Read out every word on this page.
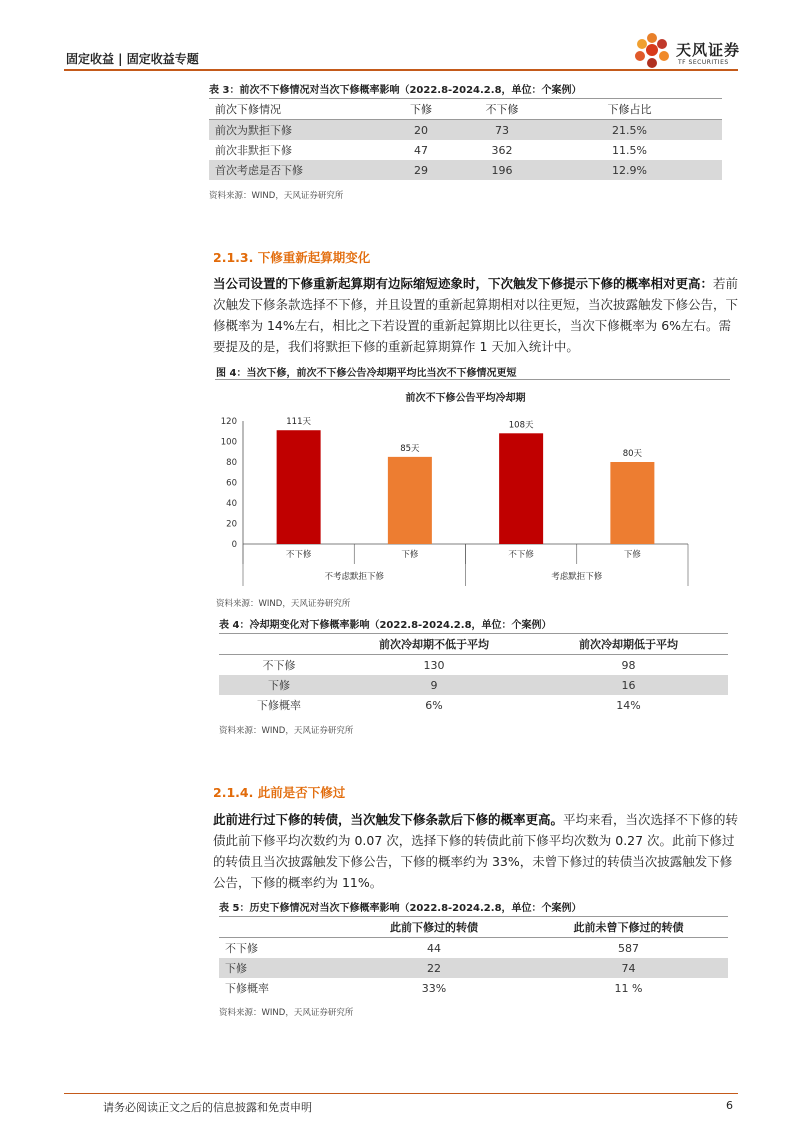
固定收益 | 固定收益专题	天风证券
TF SECURITIES
表 3：前次不下修情况对当次下修概率影响（2022.8-2024.2.8，单位：个案例）
前次下修情况	下修	不下修	下修占比
前次为默拒下修	20	73	21.5%
前次非默拒下修	47	362	11.5%
首次考虑是否下修	29	196	12.9%
资料来源：WIND，天风证券研究所
2.1.3. 下修重新起算期变化
当公司设置的下修重新起算期有边际缩短迹象时，下次触发下修提示下修的概率相对更高：若前次触发下修条款选择不下修，并且设置的重新起算期相对以往更短，当次披露触发下修公告，下修概率为 14%左右，相比之下若设置的重新起算期比以往更长，当次下修概率为 6%左右。需要提及的是，我们将默拒下修的重新起算期算作 1 天加入统计中。
图 4：当次下修，前次不下修公告冷却期平均比当次不下修情况更短
前次不下修公告平均冷却期
0
20
40
60
80
100
120	111天
不下修
85天
下修
108天
不下修
80天
下修
不考虑默拒下修	考虑默拒下修
资料来源：WIND，天风证券研究所
表 4：冷却期变化对下修概率影响（2022.8-2024.2.8，单位：个案例）
	前次冷却期不低于平均	前次冷却期低于平均
不下修	130	98
下修	9	16
下修概率	6%	14%
资料来源：WIND，天风证券研究所
2.1.4. 此前是否下修过
此前进行过下修的转债，当次触发下修条款后下修的概率更高。平均来看，当次选择不下修的转债此前下修平均次数约为 0.07 次，选择下修的转债此前下修平均次数为 0.27 次。此前下修过的转债且当次披露触发下修公告，下修的概率约为 33%，未曾下修过的转债当次披露触发下修公告，下修的概率约为 11%。
表 5：历史下修情况对当次下修概率影响（2022.8-2024.2.8，单位：个案例）
	此前下修过的转债	此前未曾下修过的转债
不下修	44	587
下修	22	74
下修概率	33%	11 %
资料来源：WIND，天风证券研究所
请务必阅读正文之后的信息披露和免责申明	6
